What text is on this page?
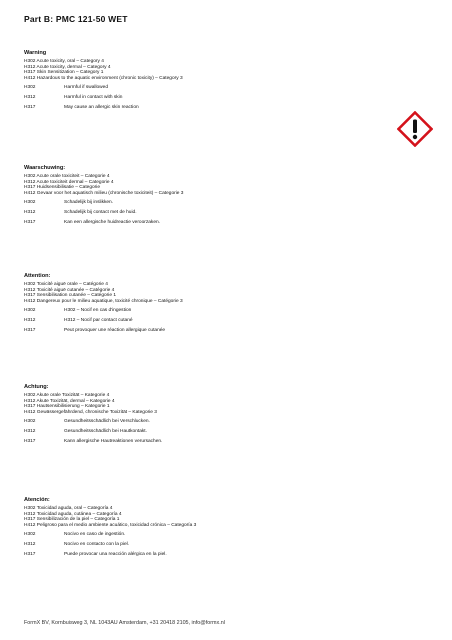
Part B: PMC 121-50 WET
Warning
H302 Acute toxicity, oral – Category 4
H312 Acute toxicity, dermal – Category 4
H317 Skin Sensitization – Category 1
H412 Hazardous to the aquatic environment (chronic toxicity) – Category 3
H302	Harmful if swallowed
H312	Harmful in contact with skin
H317	May cause an allergic skin reaction
Waarschuwing:
H302 Acute orale toxiciteit – Categorie 4
H312 Acute toxiciteit dermal – Categorie 4
H317 Huidsensibilisatie – Categorie
H412 Gevaar voor het aquatisch milieu (chronische toxiciteit) – Categorie 3
H302	Schadelijk bij inslikken.
H312	Schadelijk bij contact met de huid.
H317	Kan een allergische huidreactie veroorzaken.
Attention:
H302 Toxicité aiguë orale – Catégorie 4
H312 Toxicité aiguë cutanée – Catégorie 4
H317 Sensibilisation cutanée – Catégorie 1
H412 Dangereux pour le milieu aquatique, toxicité chronique – Catégorie 3
H302	H302 – Nocif en cas d'ingestion
H312	H312 – Nocif par contact cutané
H317	Peut provoquer une réaction allergique cutanée
Achtung:
H302 Akute orale Toxizität – Kategorie 4
H312 Akute Toxizität, dermal – Kategorie 4
H317 Hautsensibilisierung – Kategorie 1
H412 Gewässergefährdend, chronische Toxizität – Kategorie 3
H302	Gesundheitsschädlich bei Verschlucken.
H312	Gesundheitsschädlich bei Hautkontakt.
H317	Kann allergische Hautreaktionen verursachen.
Atención:
H302 Toxicidad aguda, oral – Categoría 4
H312 Toxicidad aguda, cutánea – Categoría 4
H317 Sensibilización de la piel – Categoría 1
H412 Peligroso para el medio ambiente acuático, toxicidad crónica – Categoría 3
H302	Nocivo en caso de ingestión.
H312	Nocivo en contacto con la piel.
H317	Puede provocar una reacción alérgica en la piel.
FormX BV, Kornbuisweg 3, NL 1043AU Amsterdam, +31 20418 2105, info@formx.nl
